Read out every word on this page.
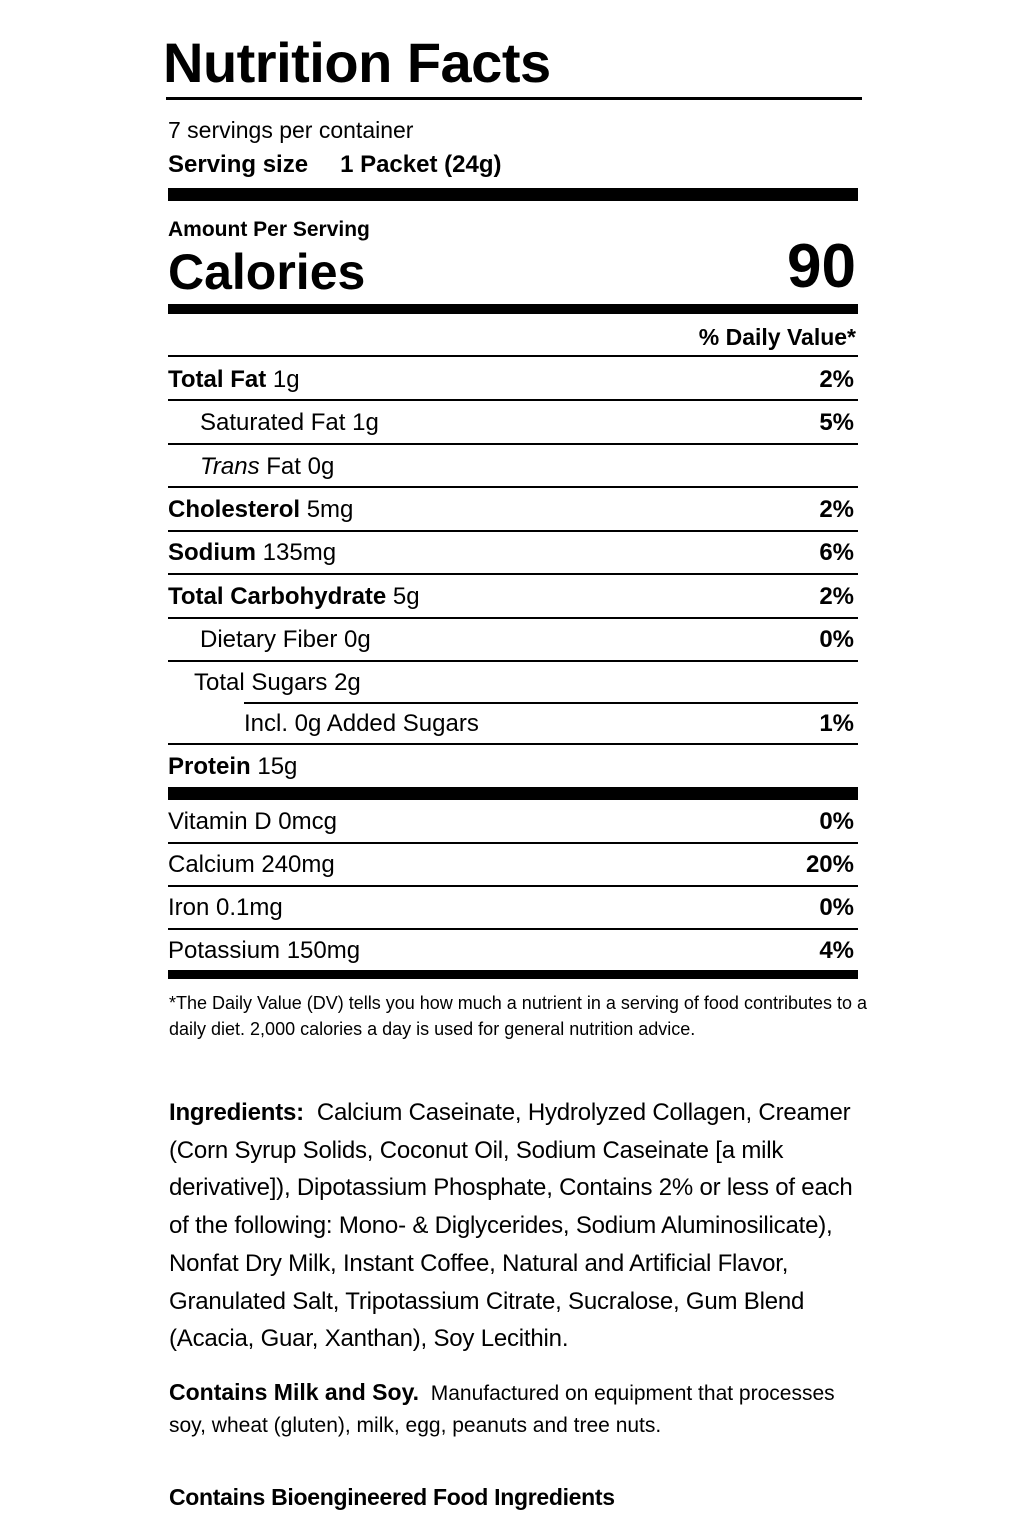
Nutrition Facts
7 servings per container
Serving size 1 Packet (24g)
Amount Per Serving
Calories	90
% Daily Value*
Total Fat 1g	2%
Saturated Fat 1g	5%
Trans Fat 0g
Cholesterol 5mg	2%
Sodium 135mg	6%
Total Carbohydrate 5g	2%
Dietary Fiber 0g	0%
Total Sugars 2g
Incl. 0g Added Sugars	1%
Protein 15g
Vitamin D 0mcg	0%
Calcium 240mg	20%
Iron 0.1mg	0%
Potassium 150mg	4%
*The Daily Value (DV) tells you how much a nutrient in a serving of food contributes to a daily diet. 2,000 calories a day is used for general nutrition advice.
Ingredients: Calcium Caseinate, Hydrolyzed Collagen, Creamer (Corn Syrup Solids, Coconut Oil, Sodium Caseinate [a milk derivative]), Dipotassium Phosphate, Contains 2% or less of each of the following: Mono- & Diglycerides, Sodium Aluminosilicate), Nonfat Dry Milk, Instant Coffee, Natural and Artificial Flavor, Granulated Salt, Tripotassium Citrate, Sucralose, Gum Blend (Acacia, Guar, Xanthan), Soy Lecithin.
Contains Milk and Soy. Manufactured on equipment that processes soy, wheat (gluten), milk, egg, peanuts and tree nuts.
Contains Bioengineered Food Ingredients
